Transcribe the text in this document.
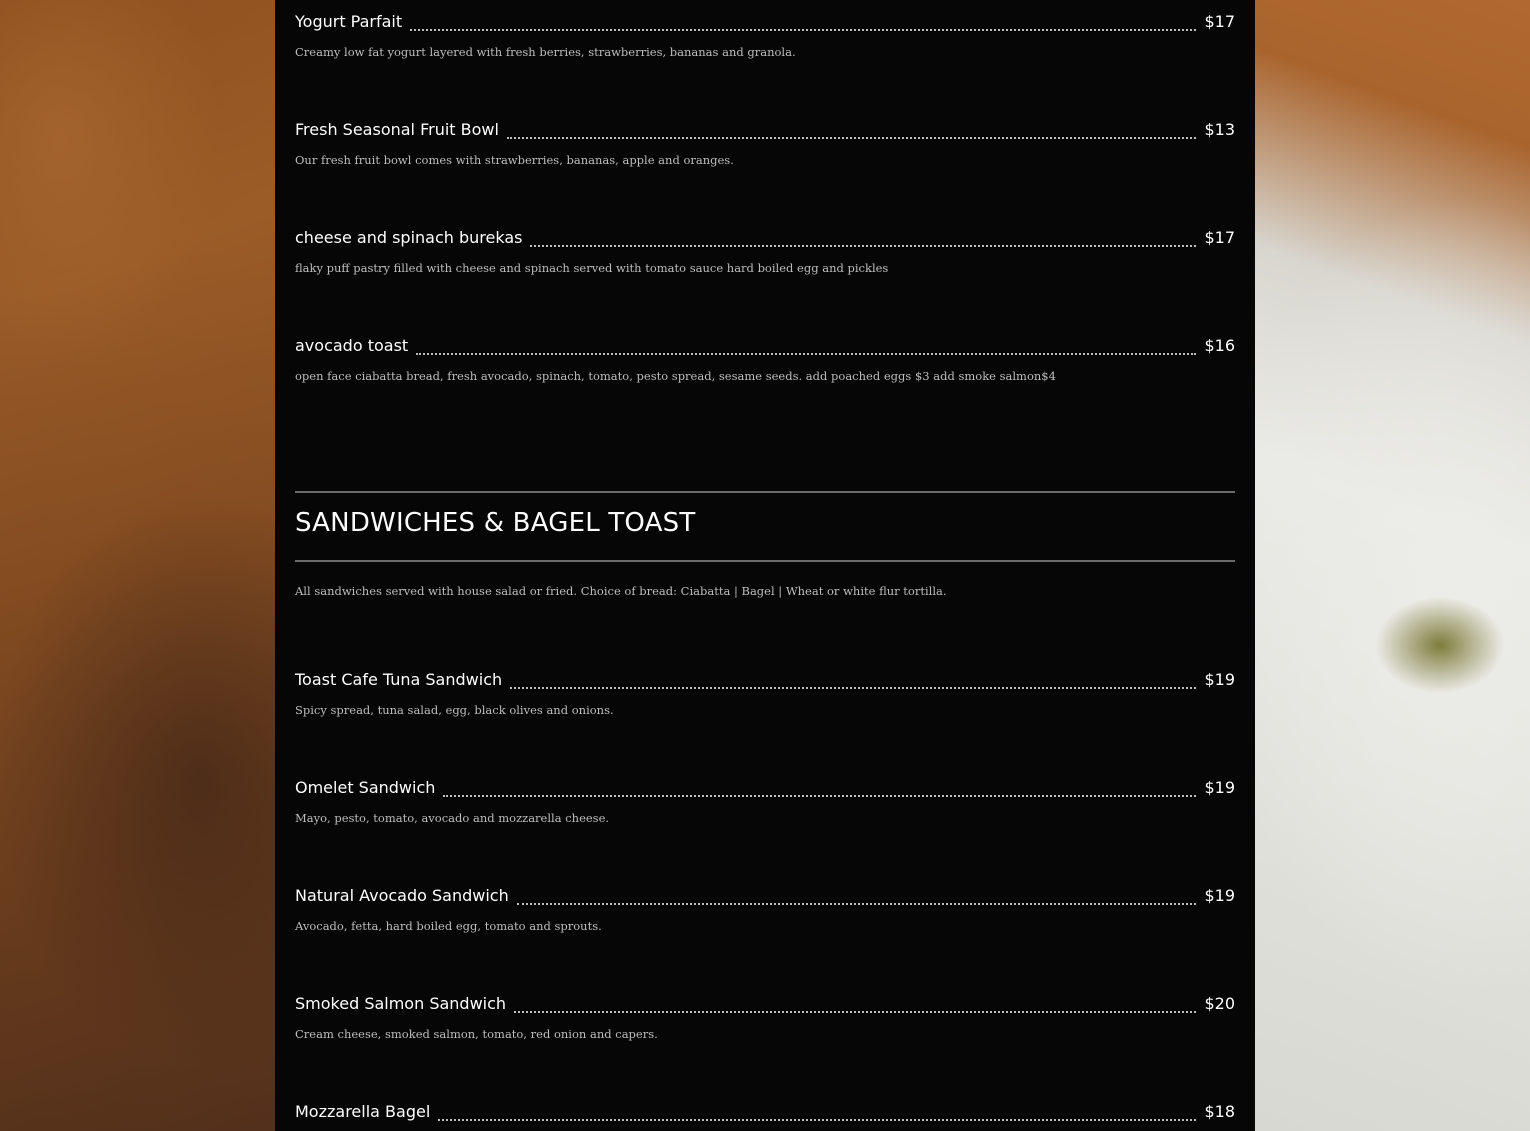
Yogurt Parfait	$17
Creamy low fat yogurt layered with fresh berries, strawberries, bananas and granola.
Fresh Seasonal Fruit Bowl	$13
Our fresh fruit bowl comes with strawberries, bananas, apple and oranges.
cheese and spinach burekas	$17
flaky puff pastry filled with cheese and spinach served with tomato sauce hard boiled egg and pickles
avocado toast	$16
open face ciabatta bread, fresh avocado, spinach, tomato, pesto spread, sesame seeds. add poached eggs $3 add smoke salmon$4
SANDWICHES & BAGEL TOAST
All sandwiches served with house salad or fried. Choice of bread: Ciabatta | Bagel | Wheat or white flur tortilla.
Toast Cafe Tuna Sandwich	$19
Spicy spread, tuna salad, egg, black olives and onions.
Omelet Sandwich	$19
Mayo, pesto, tomato, avocado and mozzarella cheese.
Natural Avocado Sandwich	$19
Avocado, fetta, hard boiled egg, tomato and sprouts.
Smoked Salmon Sandwich	$20
Cream cheese, smoked salmon, tomato, red onion and capers.
Mozzarella Bagel	$18
